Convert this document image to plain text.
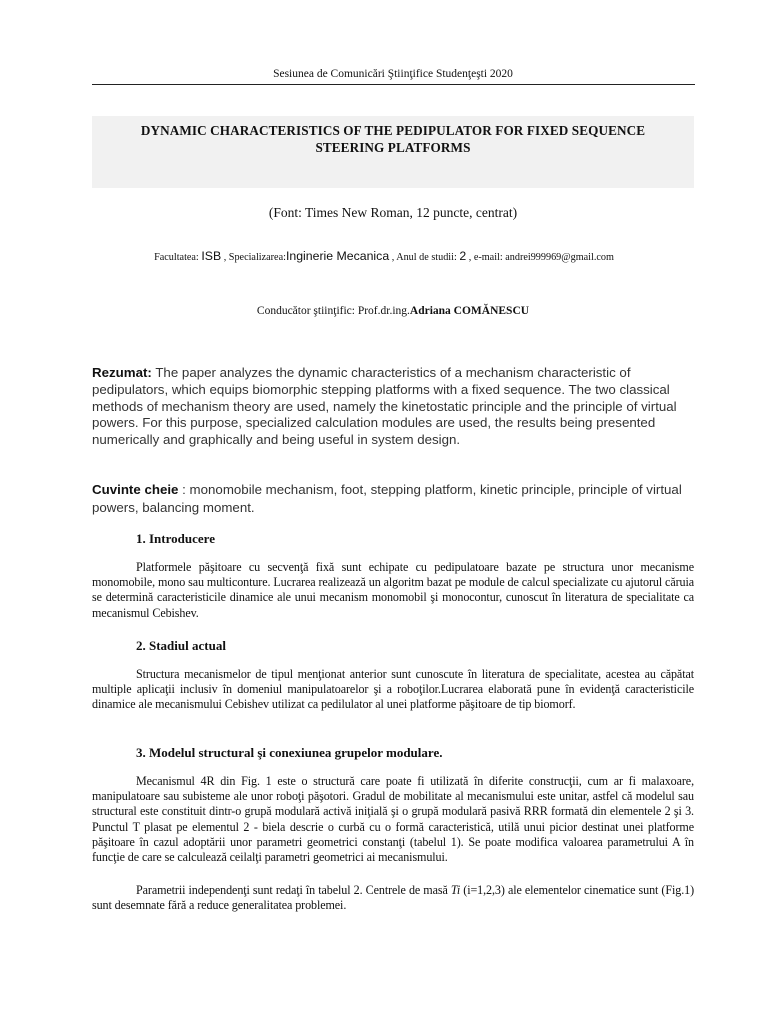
Sesiunea de Comunicări Ştiinţifice Studenţeşti 2020
DYNAMIC CHARACTERISTICS OF THE PEDIPULATOR FOR FIXED SEQUENCE
STEERING PLATFORMS
(Font: Times New Roman, 12 puncte, centrat)
Facultatea: ISB , Specializarea:Inginerie Mecanica , Anul de studii: 2 , e-mail: andrei999969@gmail.com
Conducător ştiinţific: Prof.dr.ing.Adriana COMĂNESCU
Rezumat: The paper analyzes the dynamic characteristics of a mechanism characteristic of pedipulators, which equips biomorphic stepping platforms with a fixed sequence. The two classical methods of mechanism theory are used, namely the kinetostatic principle and the principle of virtual powers. For this purpose, specialized calculation modules are used, the results being presented numerically and graphically and being useful in system design.
Cuvinte cheie : monomobile mechanism, foot, stepping platform, kinetic principle, principle of virtual powers, balancing moment.
1. Introducere
Platformele păşitoare cu secvenţă fixă sunt echipate cu pedipulatoare bazate pe structura unor mecanisme monomobile, mono sau multiconture. Lucrarea realizează un algoritm bazat pe module de calcul specializate cu ajutorul căruia se determină caracteristicile dinamice ale unui mecanism monomobil şi monocontur, cunoscut în literatura de specialitate ca mecanismul Cebishev.
2. Stadiul actual
Structura mecanismelor de tipul menţionat anterior sunt cunoscute în literatura de specialitate, acestea au căpătat multiple aplicaţii inclusiv în domeniul manipulatoarelor şi a roboţilor.Lucrarea elaborată pune în evidenţă caracteristicile dinamice ale mecanismului Cebishev utilizat ca pedilulator al unei platforme păşitoare de tip biomorf.
3. Modelul structural şi conexiunea grupelor modulare.
Mecanismul 4R din Fig. 1 este o structură care poate fi utilizată în diferite construcţii, cum ar fi malaxoare, manipulatoare sau subisteme ale unor roboţi păşotori. Gradul de mobilitate al mecanismului este unitar, astfel că modelul sau structural este constituit dintr-o grupă modulară activă iniţială şi o grupă modulară pasivă RRR formată din elementele 2 şi 3. Punctul T plasat pe elementul 2 - biela descrie o curbă cu o formă caracteristică, utilă unui picior destinat unei platforme păşitoare în cazul adoptării unor parametri geometrici constanţi (tabelul 1). Se poate modifica valoarea parametrului A în funcţie de care se calculează ceilalţi parametri geometrici ai mecanismului.
Parametrii independenţi sunt redaţi în tabelul 2. Centrele de masă Ti (i=1,2,3) ale elementelor cinematice sunt (Fig.1) sunt desemnate fără a reduce generalitatea problemei.
